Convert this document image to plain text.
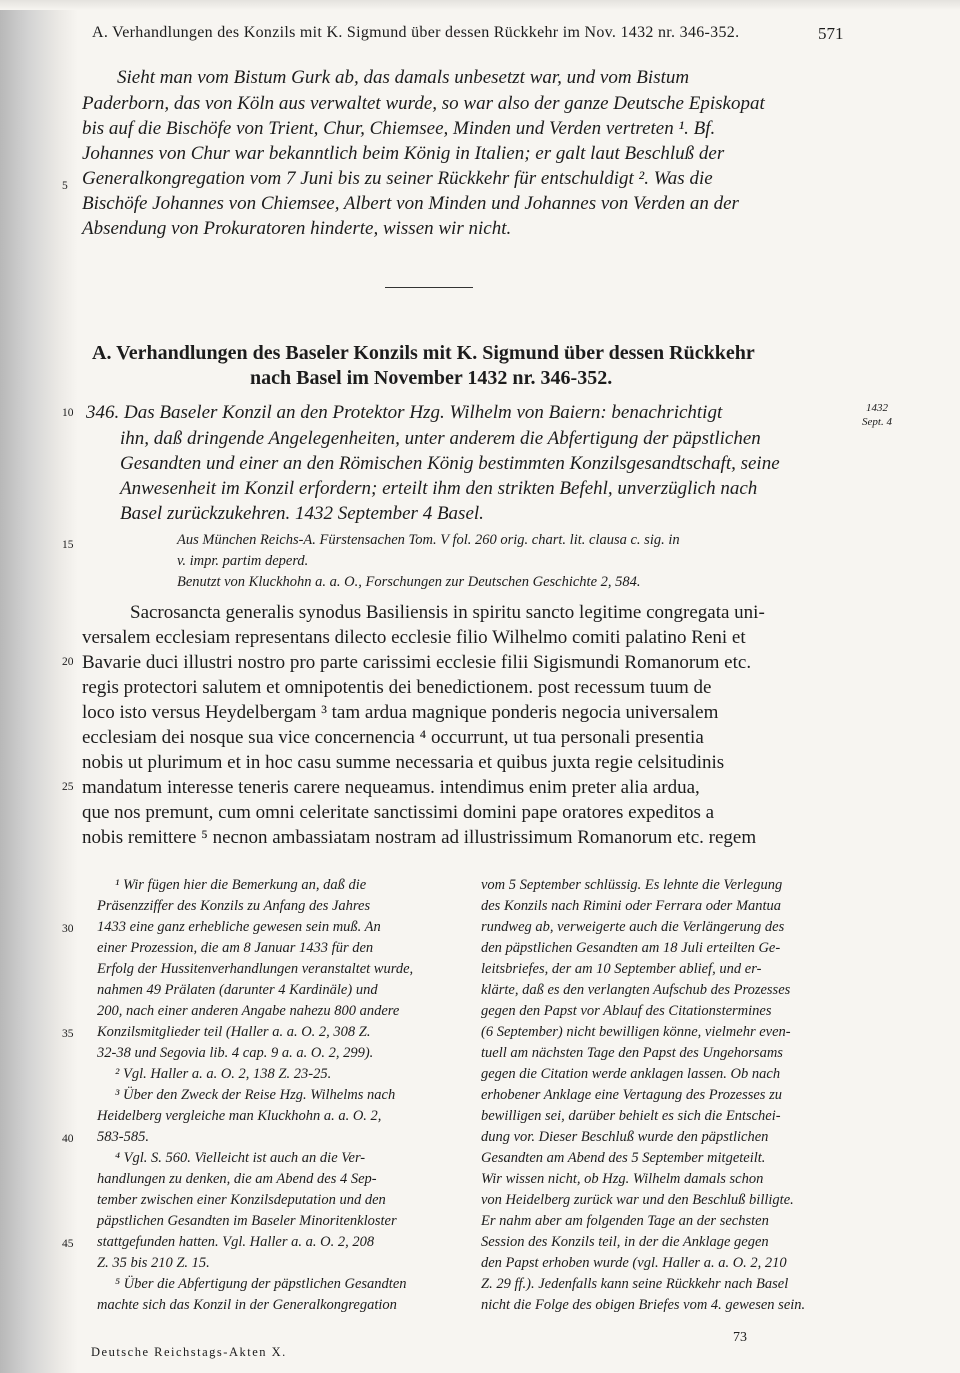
A. Verhandlungen des Konzils mit K. Sigmund über dessen Rückkehr im Nov. 1432 nr. 346-352.	571
Sieht man vom Bistum Gurk ab, das damals unbesetzt war, und vom Bistum
Paderborn, das von Köln aus verwaltet wurde, so war also der ganze Deutsche Episkopat
bis auf die Bischöfe von Trient, Chur, Chiemsee, Minden und Verden vertreten ¹. Bf.
Johannes von Chur war bekanntlich beim König in Italien; er galt laut Beschluß der
Generalkongregation vom 7 Juni bis zu seiner Rückkehr für entschuldigt ². Was die
Bischöfe Johannes von Chiemsee, Albert von Minden und Johannes von Verden an der
Absendung von Prokuratoren hinderte, wissen wir nicht.
A. Verhandlungen des Baseler Konzils mit K. Sigmund über dessen Rückkehr
nach Basel im November 1432 nr. 346-352.
346. Das Baseler Konzil an den Protektor Hzg. Wilhelm von Baiern: benachrichtigt
ihn, daß dringende Angelegenheiten, unter anderem die Abfertigung der päpstlichen
Gesandten und einer an den Römischen König bestimmten Konzilsgesandtschaft, seine
Anwesenheit im Konzil erfordern; erteilt ihm den strikten Befehl, unverzüglich nach
Basel zurückzukehren. 1432 September 4 Basel.
1432
Sept. 4
Aus München Reichs-A. Fürstensachen Tom. V fol. 260 orig. chart. lit. clausa c. sig. in
v. impr. partim deperd.
Benutzt von Kluckhohn a. a. O., Forschungen zur Deutschen Geschichte 2, 584.
Sacrosancta generalis synodus Basiliensis in spiritu sancto legitime congregata uni-
versalem ecclesiam representans dilecto ecclesie filio Wilhelmo comiti palatino Reni et
Bavarie duci illustri nostro pro parte carissimi ecclesie filii Sigismundi Romanorum etc.
regis protectori salutem et omnipotentis dei benedictionem. post recessum tuum de
loco isto versus Heydelbergam ³ tam ardua magnique ponderis negocia universalem
ecclesiam dei nosque sua vice concernencia ⁴ occurrunt, ut tua personali presentia
nobis ut plurimum et in hoc casu summe necessaria et quibus juxta regie celsitudinis
mandatum interesse teneris carere nequeamus. intendimus enim preter alia ardua,
que nos premunt, cum omni celeritate sanctissimi domini pape oratores expeditos a
nobis remittere ⁵ necnon ambassiatam nostram ad illustrissimum Romanorum etc. regem
¹ Wir fügen hier die Bemerkung an, daß die
Präsenzziffer des Konzils zu Anfang des Jahres
1433 eine ganz erhebliche gewesen sein muß. An
einer Prozession, die am 8 Januar 1433 für den
Erfolg der Hussitenverhandlungen veranstaltet wurde,
nahmen 49 Prälaten (darunter 4 Kardinäle) und
200, nach einer anderen Angabe nahezu 800 andere
Konzilsmitglieder teil (Haller a. a. O. 2, 308 Z.
32-38 und Segovia lib. 4 cap. 9 a. a. O. 2, 299).
² Vgl. Haller a. a. O. 2, 138 Z. 23-25.
³ Über den Zweck der Reise Hzg. Wilhelms nach
Heidelberg vergleiche man Kluckhohn a. a. O. 2,
583-585.
⁴ Vgl. S. 560. Vielleicht ist auch an die Ver-
handlungen zu denken, die am Abend des 4 Sep-
tember zwischen einer Konzilsdeputation und den
päpstlichen Gesandten im Baseler Minoritenkloster
stattgefunden hatten. Vgl. Haller a. a. O. 2, 208
Z. 35 bis 210 Z. 15.
⁵ Über die Abfertigung der päpstlichen Gesandten
machte sich das Konzil in der Generalkongregation
vom 5 September schlüssig. Es lehnte die Verlegung
des Konzils nach Rimini oder Ferrara oder Mantua
rundweg ab, verweigerte auch die Verlängerung des
den päpstlichen Gesandten am 18 Juli erteilten Ge-
leitsbriefes, der am 10 September ablief, und er-
klärte, daß es den verlangten Aufschub des Prozesses
gegen den Papst vor Ablauf des Citationstermines
(6 September) nicht bewilligen könne, vielmehr even-
tuell am nächsten Tage den Papst des Ungehorsams
gegen die Citation werde anklagen lassen. Ob nach
erhobener Anklage eine Vertagung des Prozesses zu
bewilligen sei, darüber behielt es sich die Entschei-
dung vor. Dieser Beschluß wurde den päpstlichen
Gesandten am Abend des 5 September mitgeteilt.
Wir wissen nicht, ob Hzg. Wilhelm damals schon
von Heidelberg zurück war und den Beschluß billigte.
Er nahm aber am folgenden Tage an der sechsten
Session des Konzils teil, in der die Anklage gegen
den Papst erhoben wurde (vgl. Haller a. a. O. 2, 210
Z. 29 ff.). Jedenfalls kann seine Rückkehr nach Basel
nicht die Folge des obigen Briefes vom 4. gewesen sein.
5
10
15
20
25
30
35
40
45
Deutsche Reichstags-Akten X.
73
